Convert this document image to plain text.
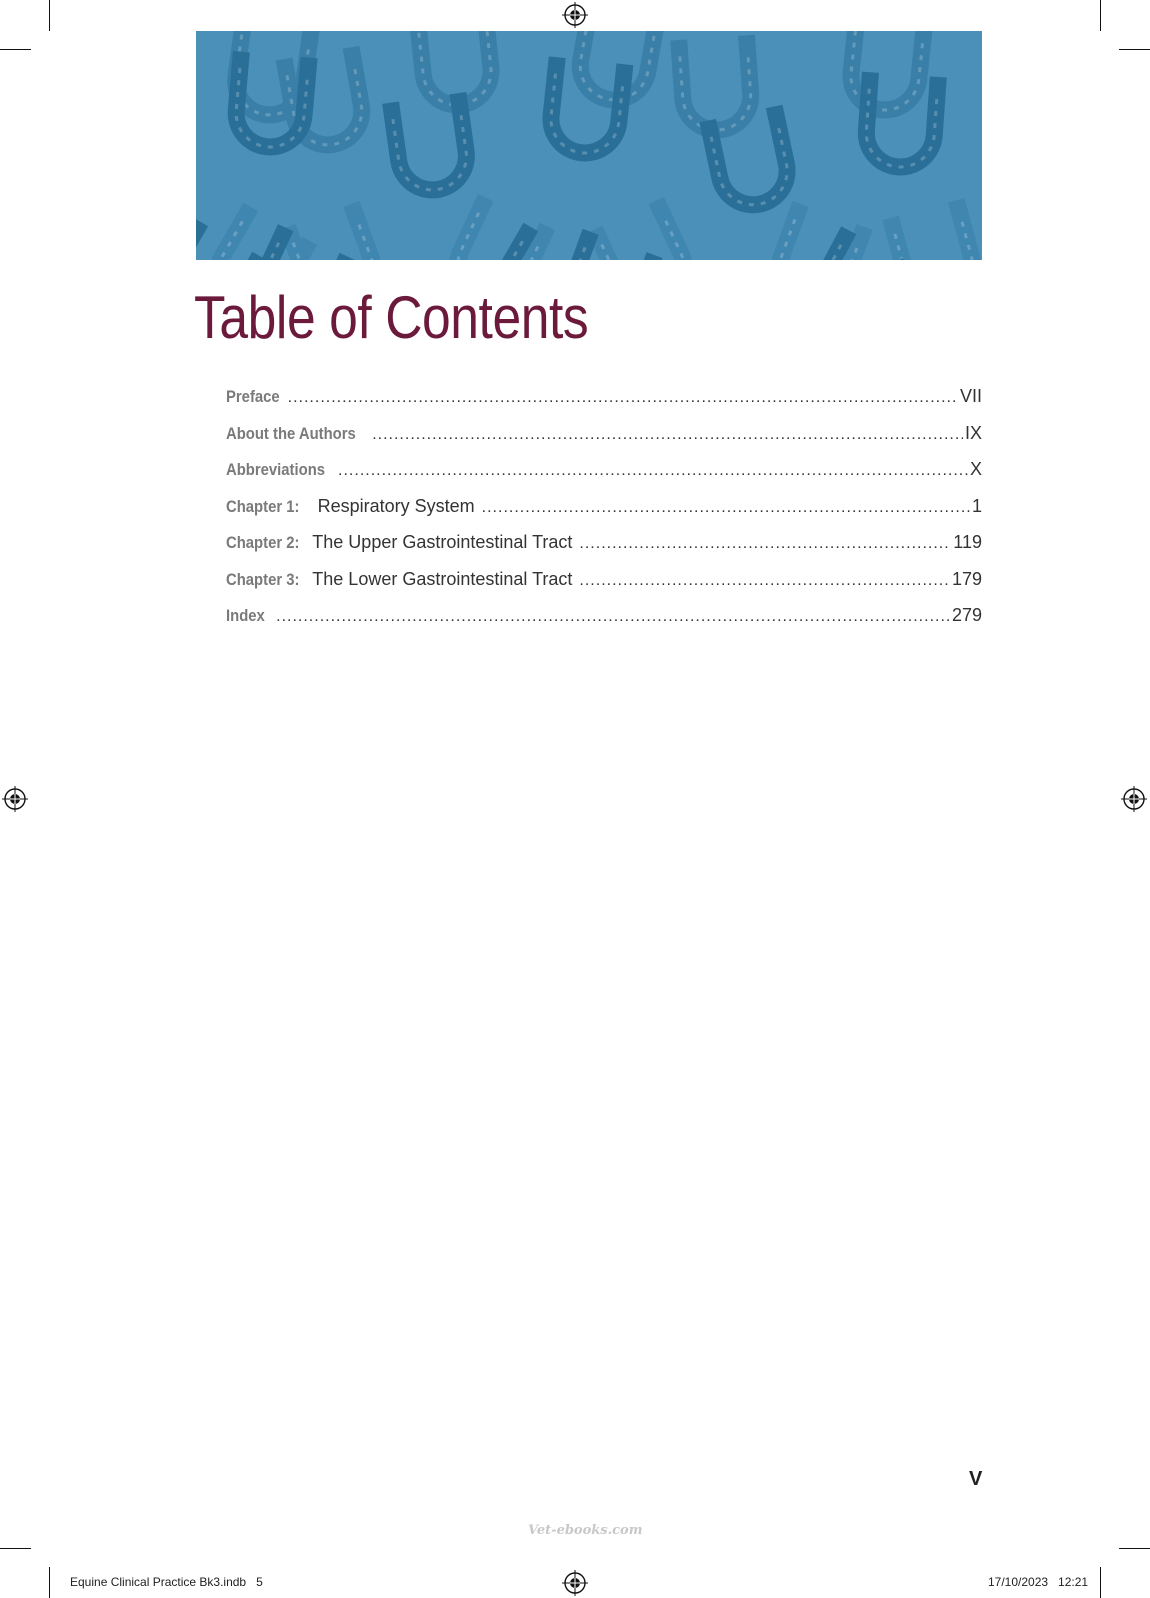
Table of Contents
Preface .....	VII
About the Authors .....	IX
Abbreviations .....	X
Chapter 1:  Respiratory System .....	1
Chapter 2: The Upper Gastrointestinal Tract .....	119
Chapter 3: The Lower Gastrointestinal Tract .....	179
Index .....	279
V
Vet-ebooks.com
Equine Clinical Practice Bk3.indb   5	17/10/2023   12:21
